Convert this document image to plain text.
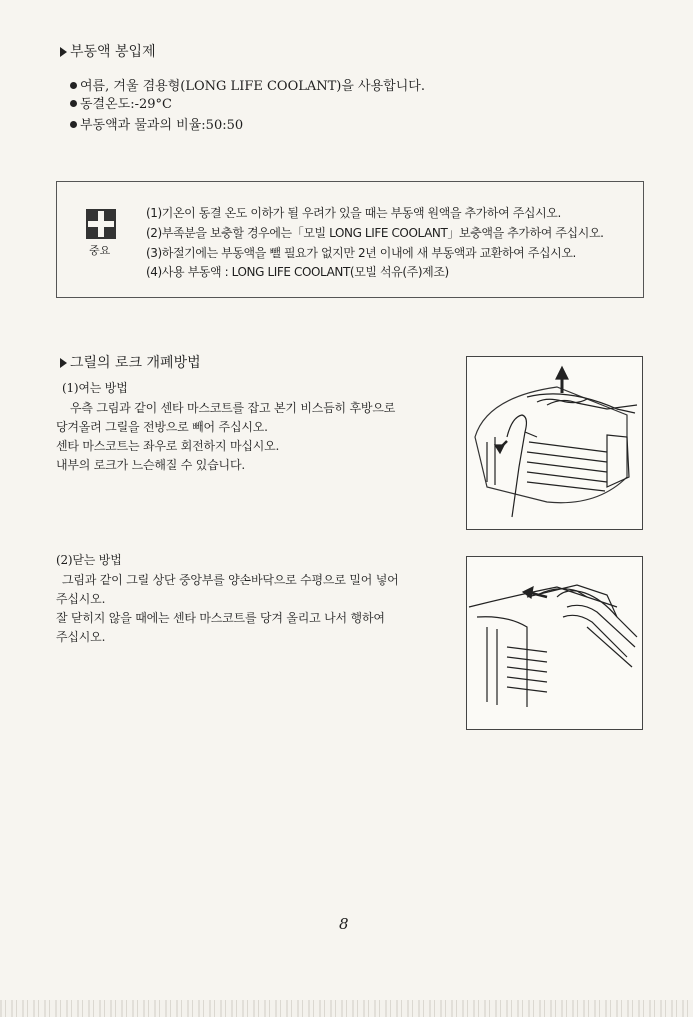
부동액 봉입제
여름, 겨울 겸용형(LONG LIFE COOLANT)을 사용합니다.
동결온도:-29°C
부동액과 물과의 비율:50:50
중요
(1)기온이 동결 온도 이하가 될 우려가 있을 때는 부동액 원액을 추가하여 주십시오.
(2)부족분을 보충할 경우에는「모빌 LONG LIFE COOLANT」보충액을 추가하여 주십시오.
(3)하절기에는 부동액을 뺄 필요가 없지만 2년 이내에 새 부동액과 교환하여 주십시오.
(4)사용 부동액 : LONG LIFE COOLANT(모빌 석유(주)제조)
그릴의 로크 개폐방법
(1)여는 방법
우측 그림과 같이 센타 마스코트를 잡고 본기 비스듬히 후방으로
당겨올려 그릴을 전방으로 빼어 주십시오.
센타 마스코트는 좌우로 회전하지 마십시오.
내부의 로크가 느슨해질 수 있습니다.
(2)닫는 방법
그림과 같이 그릴 상단 중앙부를 양손바닥으로 수평으로 밀어 넣어
주십시오.
잘 닫히지 않을 때에는 센타 마스코트를 당겨 올리고 나서 행하여
주십시오.
8
